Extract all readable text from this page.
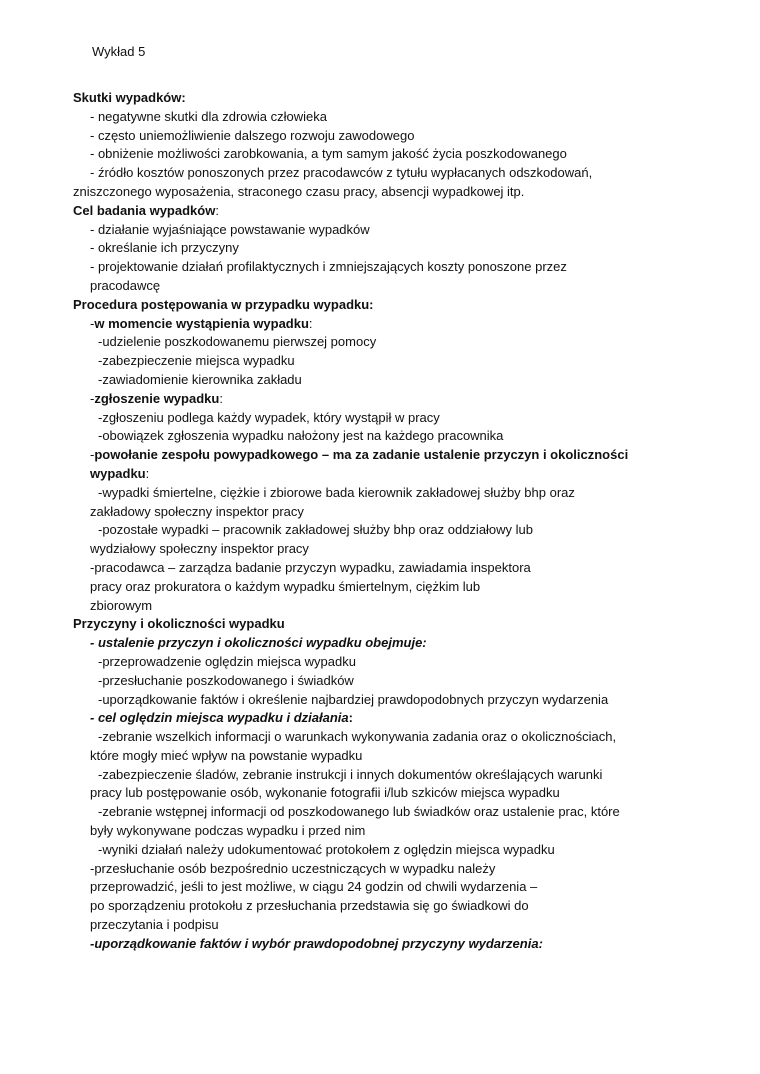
Wykład 5
Skutki wypadków:
- negatywne skutki dla zdrowia człowieka
- często uniemożliwienie dalszego rozwoju zawodowego
- obniżenie możliwości zarobkowania, a tym samym jakość życia poszkodowanego
- źródło kosztów ponoszonych przez pracodawców z tytułu wypłacanych odszkodowań,
zniszczonego wyposażenia, straconego czasu pracy, absencji wypadkowej itp.
Cel badania wypadków:
- działanie wyjaśniające powstawanie wypadków
- określanie ich przyczyny
- projektowanie działań profilaktycznych i zmniejszających koszty ponoszone przez
pracodawcę
Procedura postępowania w przypadku wypadku:
-w momencie wystąpienia wypadku:
-udzielenie poszkodowanemu pierwszej pomocy
-zabezpieczenie miejsca wypadku
-zawiadomienie kierownika zakładu
-zgłoszenie wypadku:
-zgłoszeniu podlega każdy wypadek, który wystąpił w pracy
-obowiązek zgłoszenia wypadku nałożony jest na każdego pracownika
-powołanie zespołu powypadkowego – ma za zadanie ustalenie przyczyn i okoliczności
wypadku:
-wypadki śmiertelne, ciężkie i zbiorowe bada kierownik zakładowej służby bhp oraz
zakładowy społeczny inspektor pracy
-pozostałe wypadki – pracownik zakładowej służby bhp oraz oddziałowy lub
wydziałowy społeczny inspektor pracy
-pracodawca – zarządza badanie przyczyn wypadku, zawiadamia inspektora
pracy oraz prokuratora o każdym wypadku śmiertelnym, ciężkim lub
zbiorowym
Przyczyny i okoliczności wypadku
- ustalenie przyczyn i okoliczności wypadku obejmuje:
-przeprowadzenie oględzin miejsca wypadku
-przesłuchanie poszkodowanego i świadków
-uporządkowanie faktów i określenie najbardziej prawdopodobnych przyczyn wydarzenia
- cel oględzin miejsca wypadku i działania:
-zebranie wszelkich informacji o warunkach wykonywania zadania oraz o okolicznościach,
które mogły mieć wpływ na powstanie wypadku
-zabezpieczenie śladów, zebranie instrukcji i innych dokumentów określających warunki
pracy lub postępowanie osób, wykonanie fotografii i/lub szkiców miejsca wypadku
-zebranie wstępnej informacji od poszkodowanego lub świadków oraz ustalenie prac, które
były wykonywane podczas wypadku i przed nim
-wyniki działań należy udokumentować protokołem z oględzin miejsca wypadku
-przesłuchanie osób bezpośrednio uczestniczących w wypadku należy
przeprowadzić, jeśli to jest możliwe, w ciągu 24 godzin od chwili wydarzenia –
po sporządzeniu protokołu z przesłuchania przedstawia się go świadkowi do
przeczytania i podpisu
-uporządkowanie faktów i wybór prawdopodobnej przyczyny wydarzenia:
